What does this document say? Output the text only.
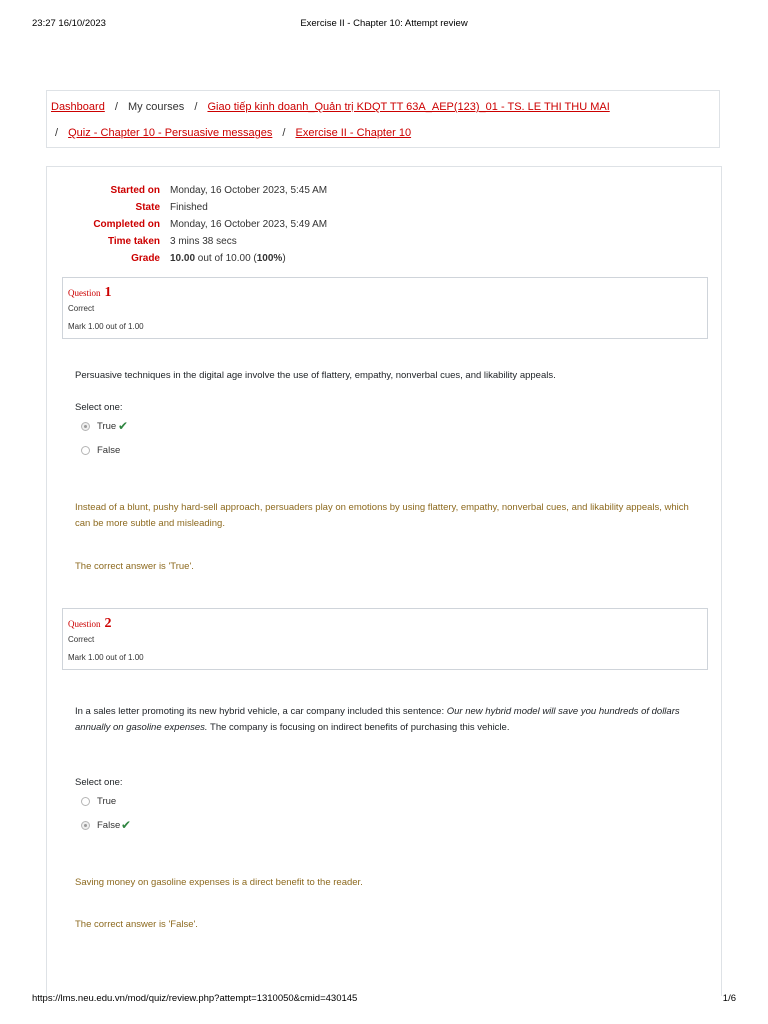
23:27 16/10/2023	Exercise II - Chapter 10: Attempt review
Dashboard / My courses / Giao tiếp kinh doanh_Quản trị KDQT TT 63A_AEP(123)_01 - TS. LE THI THU MAI
/ Quiz - Chapter 10 - Persuasive messages / Exercise II - Chapter 10
Started on Monday, 16 October 2023, 5:45 AM
State Finished
Completed on Monday, 16 October 2023, 5:49 AM
Time taken 3 mins 38 secs
Grade 10.00 out of 10.00 (100%)
Question 1
Correct
Mark 1.00 out of 1.00
Persuasive techniques in the digital age involve the use of flattery, empathy, nonverbal cues, and likability appeals.
Select one:
True ✔
False
Instead of a blunt, pushy hard-sell approach, persuaders play on emotions by using flattery, empathy, nonverbal cues, and likability appeals, which can be more subtle and misleading.
The correct answer is 'True'.
Question 2
Correct
Mark 1.00 out of 1.00
In a sales letter promoting its new hybrid vehicle, a car company included this sentence: Our new hybrid model will save you hundreds of dollars annually on gasoline expenses. The company is focusing on indirect benefits of purchasing this vehicle.
Select one:
True
False ✔
Saving money on gasoline expenses is a direct benefit to the reader.
The correct answer is 'False'.
https://lms.neu.edu.vn/mod/quiz/review.php?attempt=1310050&cmid=430145	1/6
